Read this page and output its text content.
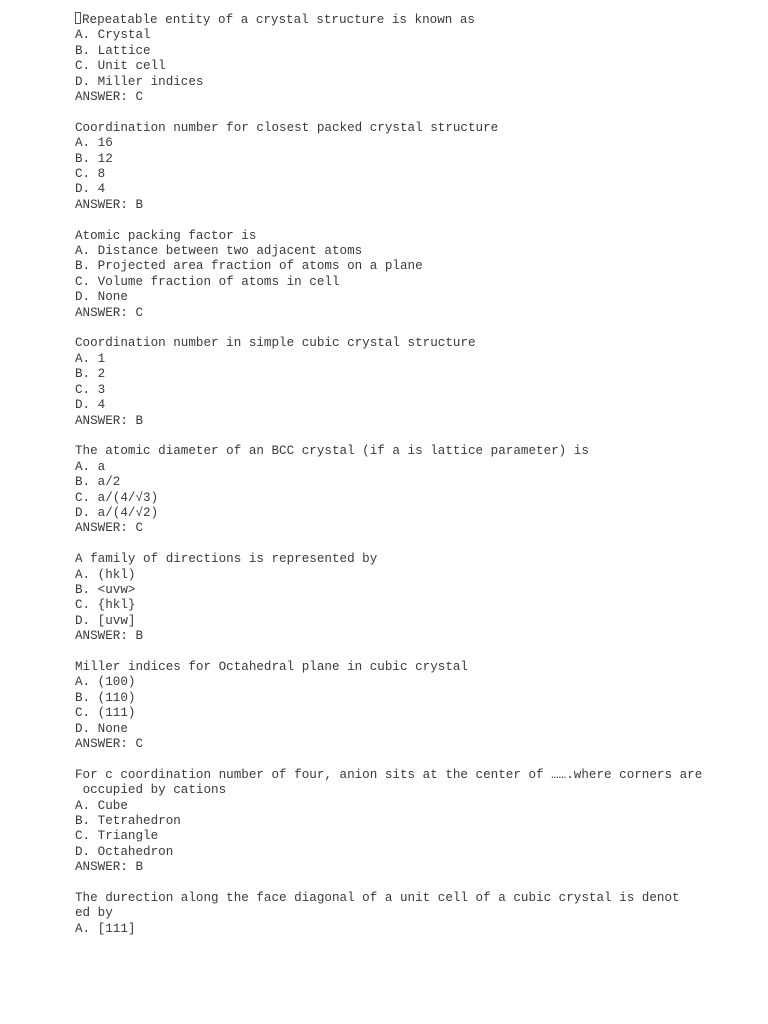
Repeatable entity of a crystal structure is known as
A. Crystal
B. Lattice
C. Unit cell
D. Miller indices
ANSWER: C
Coordination number for closest packed crystal structure
A. 16
B. 12
C. 8
D. 4
ANSWER: B
Atomic packing factor is
A. Distance between two adjacent atoms
B. Projected area fraction of atoms on a plane
C. Volume fraction of atoms in cell
D. None
ANSWER: C
Coordination number in simple cubic crystal structure
A. 1
B. 2
C. 3
D. 4
ANSWER: B
The atomic diameter of an BCC crystal (if a is lattice parameter) is
A. a
B. a/2
C. a/(4/√3)
D. a/(4/√2)
ANSWER: C
A family of directions is represented by
A. (hkl)
B. <uvw>
C. {hkl}
D. [uvw]
ANSWER: B
Miller indices for Octahedral plane in cubic crystal
A. (100)
B. (110)
C. (111)
D. None
ANSWER: C
For c coordination number of four, anion sits at the center of …….where corners are
occupied by cations
A. Cube
B. Tetrahedron
C. Triangle
D. Octahedron
ANSWER: B
The durection along the face diagonal of a unit cell of a cubic crystal is denot
ed by
A. [111]
